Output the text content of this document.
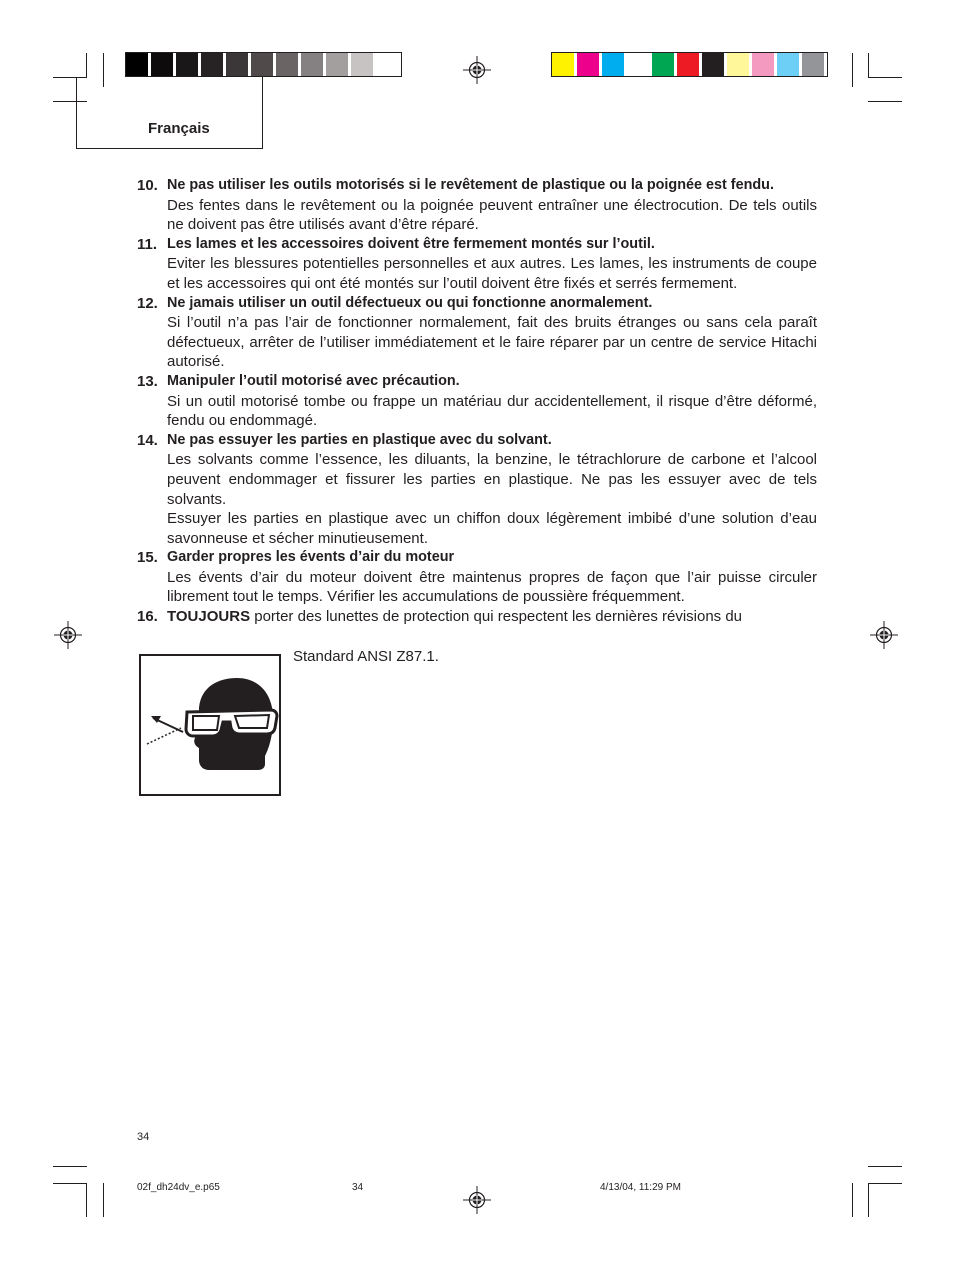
Français
10. Ne pas utiliser les outils motorisés si le revêtement de plastique ou la poignée est fendu.
Des fentes dans le revêtement ou la poignée peuvent entraîner une électrocution. De tels outils ne doivent pas être utilisés avant d’être réparé.
11. Les lames et les accessoires doivent être fermement montés sur l’outil.
Eviter les blessures potentielles personnelles et aux autres. Les lames, les instruments de coupe et les accessoires qui ont été montés sur l’outil doivent être fixés et serrés fermement.
12. Ne jamais utiliser un outil défectueux ou qui fonctionne anormalement.
Si l’outil n’a pas l’air de fonctionner normalement, fait des bruits étranges ou sans cela paraît défectueux, arrêter de l’utiliser immédiatement et le faire réparer par un centre de service Hitachi autorisé.
13. Manipuler l’outil motorisé avec précaution.
Si un outil motorisé tombe ou frappe un matériau dur accidentellement, il risque d’être déformé, fendu ou endommagé.
14. Ne pas essuyer les parties en plastique avec du solvant.
Les solvants comme l’essence, les diluants, la benzine, le tétrachlorure de carbone et l’alcool peuvent endommager et fissurer les parties en plastique. Ne pas les essuyer avec de tels solvants.
Essuyer les parties en plastique avec un chiffon doux légèrement imbibé d’une solution d’eau savonneuse et sécher minutieusement.
15. Garder propres les évents d’air du moteur
Les évents d’air du moteur doivent être maintenus propres de façon que l’air puisse circuler librement tout le temps. Vérifier les accumulations de poussière fréquemment.
16. TOUJOURS porter des lunettes de protection qui respectent les dernières révisions du
Standard ANSI Z87.1.
34
02f_dh24dv_e.p65	34	4/13/04, 11:29 PM
